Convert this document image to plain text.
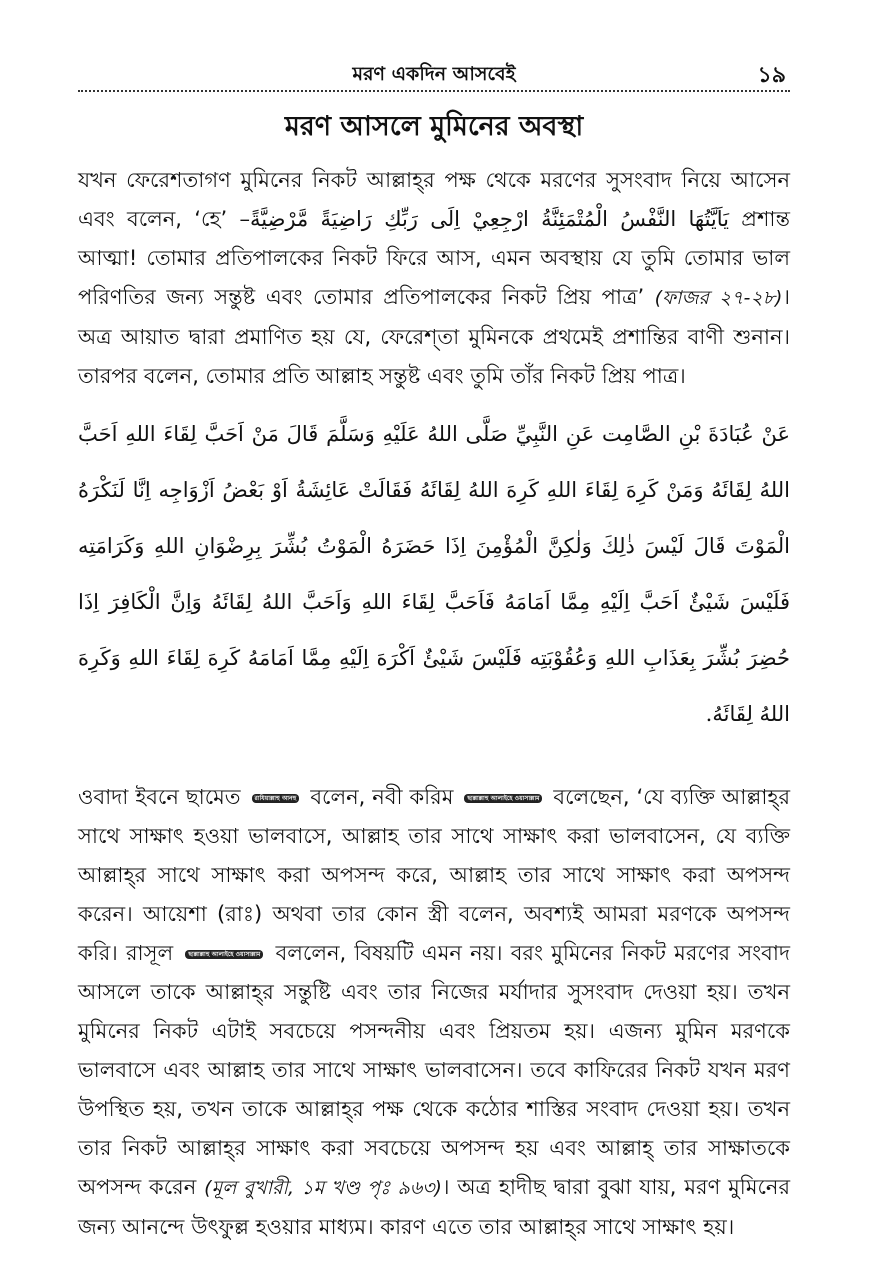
মরণ একদিন আসবেই	১৯
মরণ আসলে মুমিনের অবস্থা

যখন ফেরেশতাগণ মুমিনের নিকট আল্লাহ্‌র পক্ষ থেকে মরণের সুসংবাদ নিয়ে আসেন এবং বলেন, ‘হে’ يَاَيَّتُهَا النَّفْسُ الْمُتْمَئِنَّةُ ارْجِعِيْ اِلَى رَبِّكِ رَاضِيَةً مَّرْضِيَّةً– প্রশান্ত আত্মা! তোমার প্রতিপালকের নিকট ফিরে আস, এমন অবস্থায় যে তুমি তোমার ভাল পরিণতির জন্য সন্তুষ্ট এবং তোমার প্রতিপালকের নিকট প্রিয় পাত্র’ (ফাজর ২৭-২৮)। অত্র আয়াত দ্বারা প্রমাণিত হয় যে, ফেরেশ্‌তা মুমিনকে প্রথমেই প্রশান্তির বাণী শুনান। তারপর বলেন, তোমার প্রতি আল্লাহ সন্তুষ্ট এবং তুমি তাঁর নিকট প্রিয় পাত্র।

عَنْ عُبَادَةَ بْنِ الصَّامِت عَنِ النَّبِيِّ صَلَّى اللهُ عَلَيْهِ وَسَلَّمَ قَالَ مَنْ اَحَبَّ لِقَاءَ اللهِ اَحَبَّ اللهُ لِقَائَهُ وَمَنْ كَرِهَ لِقَاءَ اللهِ كَرِهَ اللهُ لِقَائَهُ فَقَالَتْ عَائِشَةُ اَوْ بَعْضُ اَزْوَاجِه اِنَّا لَنَكْرَهُ الْمَوْتَ قَالَ لَيْسَ ذٰلِكَ وَلٰكِنَّ الْمُؤْمِنَ اِذَا حَضَرَهُ الْمَوْتُ بُشِّرَ بِرِضْوَانِ اللهِ وَكَرَامَتِه فَلَيْسَ شَيْئٌ اَحَبَّ اِلَيْهِ مِمَّا اَمَامَهُ فَاَحَبَّ لِقَاءَ اللهِ وَاَحَبَّ اللهُ لِقَائَهُ وَاِنَّ الْكَافِرَ اِذَا حُضِرَ بُشِّرَ بِعَذَابِ اللهِ وَعُقُوْبَتِه فَلَيْسَ شَيْئٌ اَكْرَهَ اِلَيْهِ مِمَّا اَمَامَهُ كَرِهَ لِقَاءَ اللهِ وَكَرِهَ اللهُ لِقَائَهُ.

ওবাদা ইবনে ছামেত রাযিয়াল্লাহু আনহু বলেন, নবী করিম ছাল্লাল্লাহু আলাইহে ওয়াসাল্লাম বলেছেন, ‘যে ব্যক্তি আল্লাহ্‌র সাথে সাক্ষাৎ হওয়া ভালবাসে, আল্লাহ তার সাথে সাক্ষাৎ করা ভালবাসেন, যে ব্যক্তি আল্লাহ্‌র সাথে সাক্ষাৎ করা অপসন্দ করে, আল্লাহ তার সাথে সাক্ষাৎ করা অপসন্দ করেন। আয়েশা (রাঃ) অথবা তার কোন স্ত্রী বলেন, অবশ্যই আমরা মরণকে অপসন্দ করি। রাসূল ছাল্লাল্লাহু আলাইহে ওয়াসাল্লাম বললেন, বিষয়টি এমন নয়। বরং মুমিনের নিকট মরণের সংবাদ আসলে তাকে আল্লাহ্‌র সন্তুষ্টি এবং তার নিজের মর্যাদার সুসংবাদ দেওয়া হয়। তখন মুমিনের নিকট এটাই সবচেয়ে পসন্দনীয় এবং প্রিয়তম হয়। এজন্য মুমিন মরণকে ভালবাসে এবং আল্লাহ তার সাথে সাক্ষাৎ ভালবাসেন। তবে কাফিরের নিকট যখন মরণ উপস্থিত হয়, তখন তাকে আল্লাহ্‌র পক্ষ থেকে কঠোর শাস্তির সংবাদ দেওয়া হয়। তখন তার নিকট আল্লাহ্‌র সাক্ষাৎ করা সবচেয়ে অপসন্দ হয় এবং আল্লাহ্‌ তার সাক্ষাতকে অপসন্দ করেন (মূল বুখারী, ১ম খণ্ড পৃঃ ৯৬৩)। অত্র হাদীছ দ্বারা বুঝা যায়, মরণ মুমিনের জন্য আনন্দে উৎফুল্ল হওয়ার মাধ্যম। কারণ এতে তার আল্লাহ্‌র সাথে সাক্ষাৎ হয়।
